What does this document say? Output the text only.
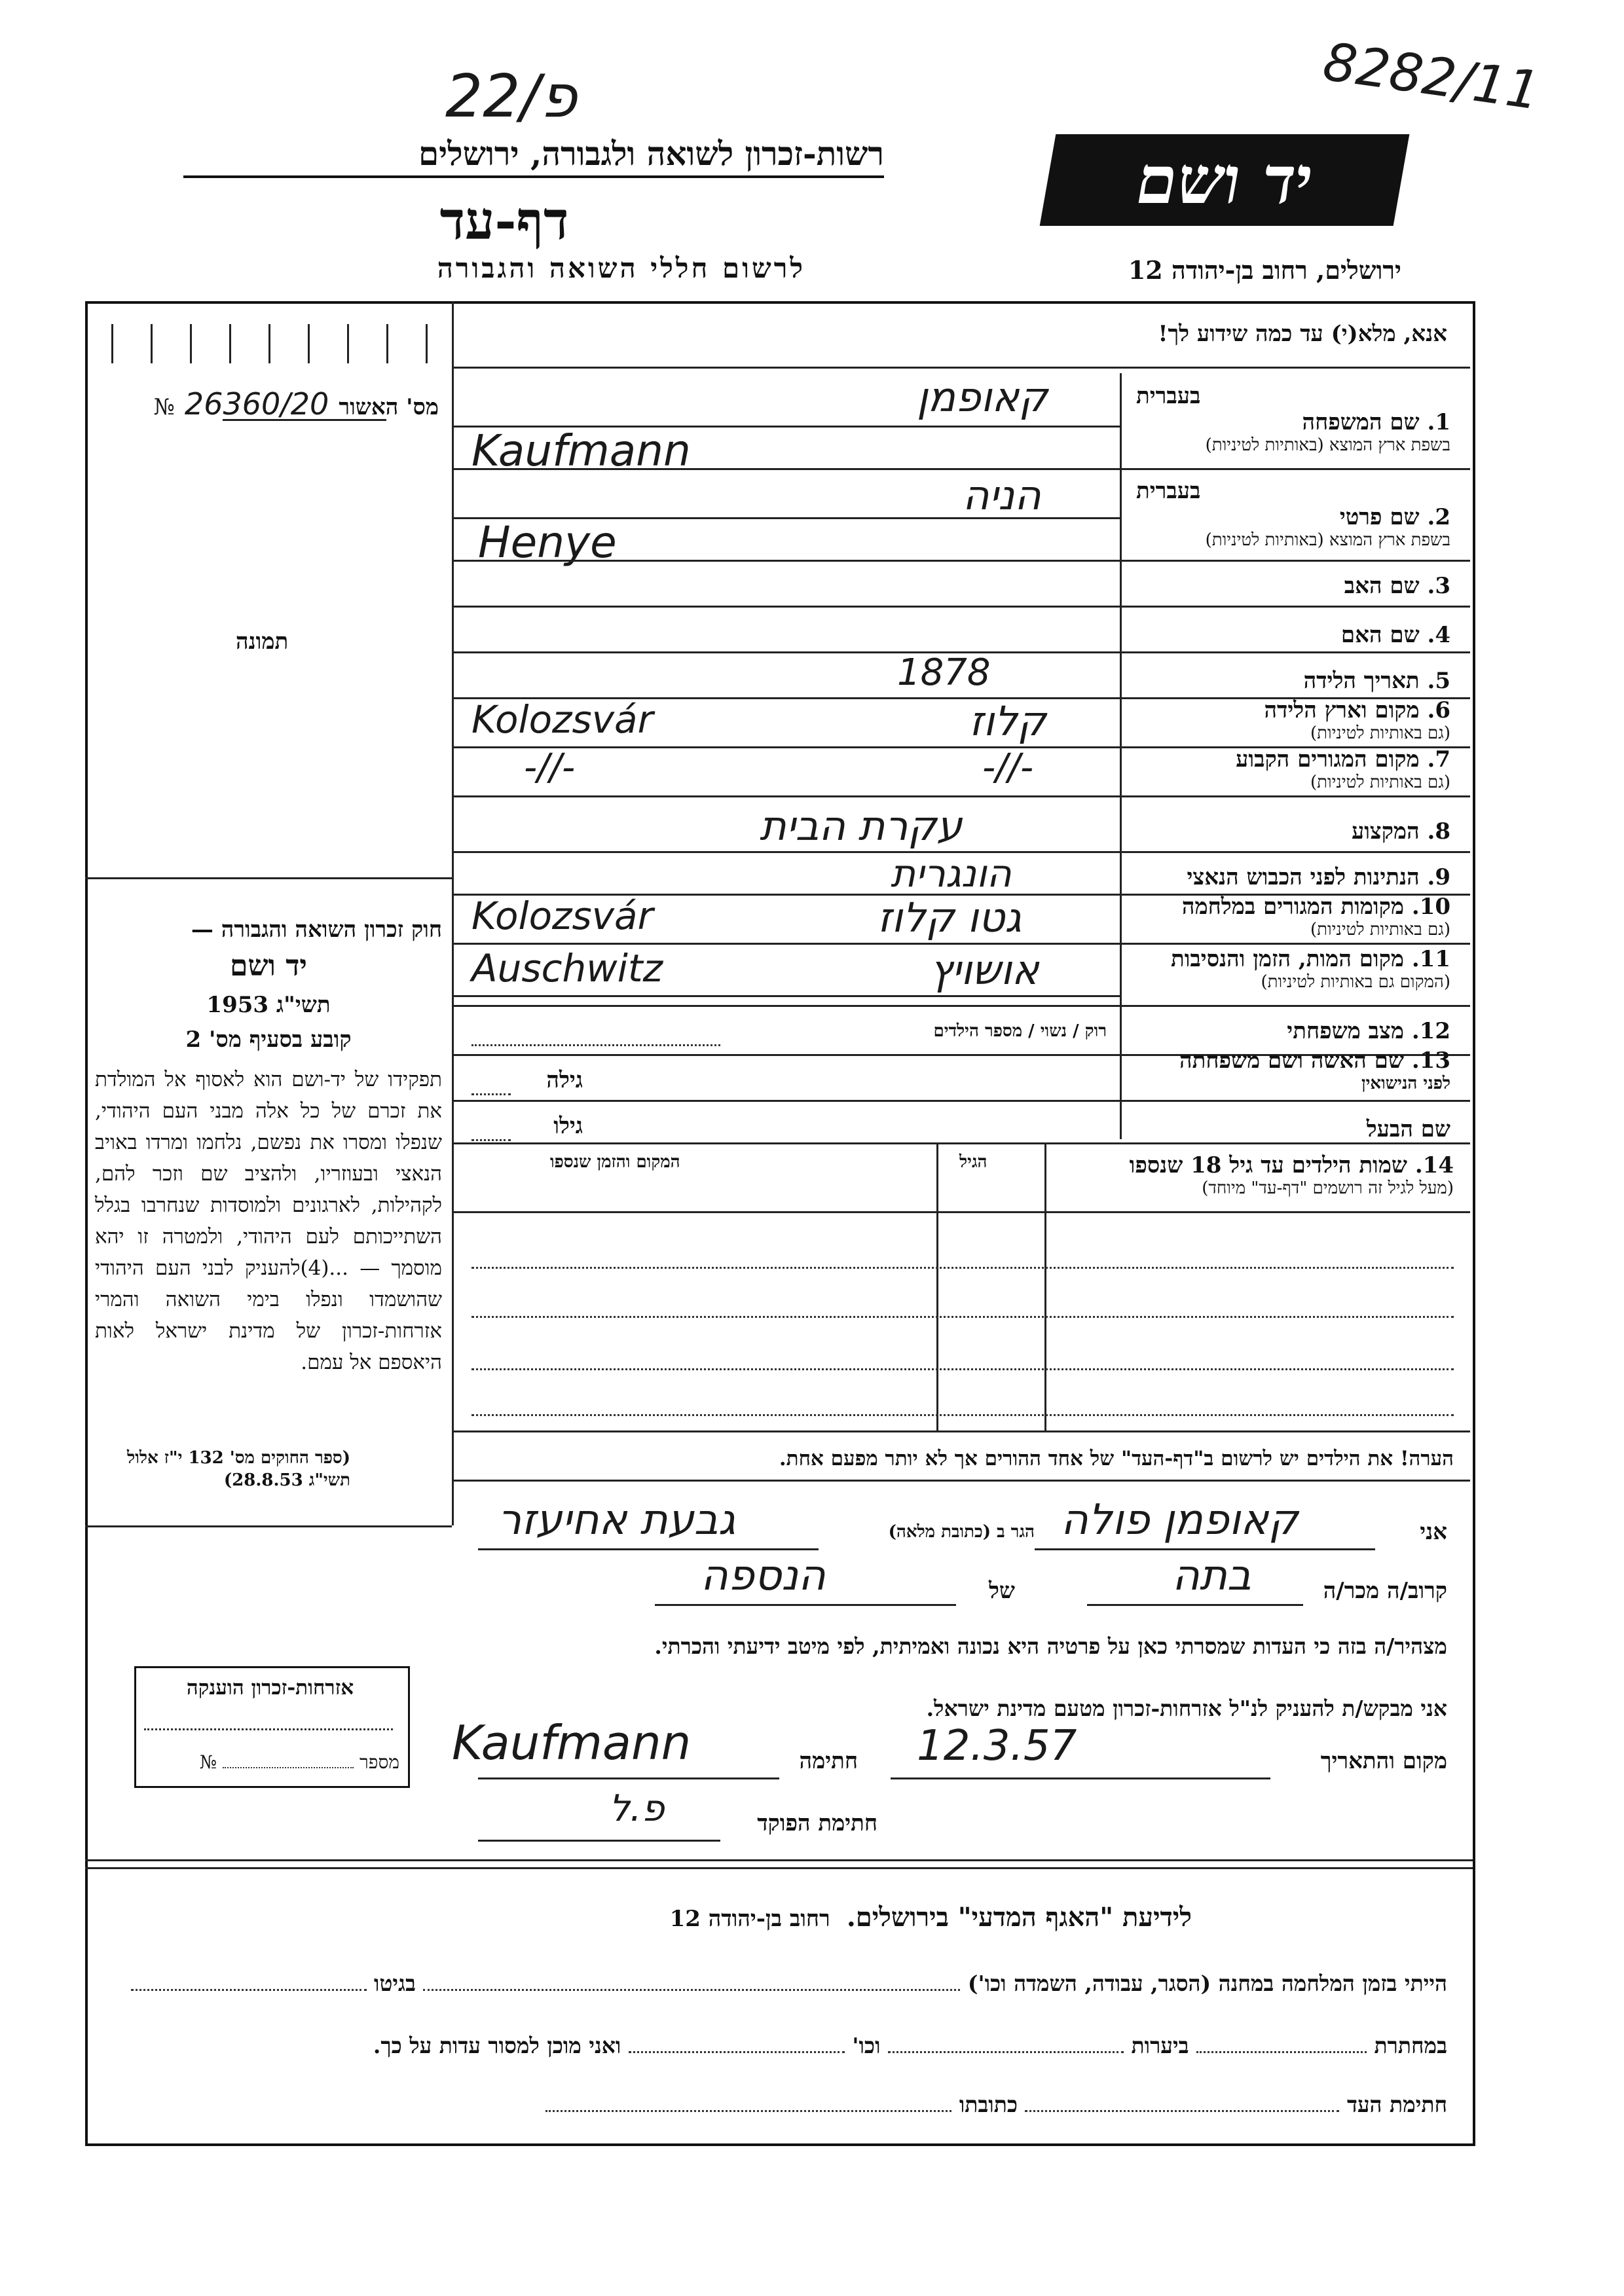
22/פ	8282/11
רשות-זכרון לשואה ולגבורה, ירושלים
דף-עד
לרשום חללי השואה והגבורה
יד ושם
ירושלים, רחוב בן-יהודה 12
אנא, מלא(י) עד כמה שידוע לך!
מס' האשור 26360/20 №
תמונה
חוק זכרון השואה והגבורה —
יד ושם
תשי"ג 1953
קובע בסעיף מס' 2
תפקידו של יד-ושם הוא לאסוף אל המולדת את זכרם של כל אלה מבני העם היהודי, שנפלו ומסרו את נפשם, נלחמו ומרדו באויב הנאצי ובעוזריו, ולהציב שם וזכר להם, לקהילות, לארגונים ולמוסדות שנחרבו בגלל השתייכותם לעם היהודי, ולמטרה זו יהא מוסמך — ...(4)להעניק לבני העם היהודי שהושמדו ונפלו בימי השואה והמרי אזרחות-זכרון של מדינת ישראל לאות היאספם אל עמם.
(ספר החוקים מס' 132 י"ז אלול תשי"ג 28.8.53)
אזרחות-זכרון הוענקה
מספר  №
בעברית
1. שם המשפחה
בשפת ארץ המוצא (באותיות לטיניות)
קאופמן
Kaufmann
בעברית
2. שם פרטי
בשפת ארץ המוצא (באותיות לטיניות)
הניה
Henye
3. שם האב
4. שם האם
1878	5. תאריך הלידה
6. מקום וארץ הלידה
(גם באותיות לטיניות)
Kolozsvár	קלוז
7. מקום המגורים הקבוע
(גם באותיות לטיניות)
-//-	-//-
עקרת הבית	8. המקצוע
הונגרית	9. הנתינות לפני הכבוש הנאצי
10. מקומות המגורים במלחמה
(גם באותיות לטיניות)
Kolozsvár	גטו קלוז
11. מקום המות, הזמן והנסיבות
(המקום גם באותיות לטיניות)
Auschwitz	אושויץ
12. מצב משפחתי
רוק / נשוי / מספר הילדים
13. שם האשה ושם משפחתה
לפני הנישואין
גילה
שם הבעל
גילו
14. שמות הילדים עד גיל 18 שנספו
(מעל לגיל זה רושמים "דף-עד" מיוחד)
הגיל
המקום והזמן שנספו
הערה! את הילדים יש לרשום ב"דף-העד" של אחד ההורים אך לא יותר מפעם אחת.
אני
קאופמן פולה
הגר ב (כתובת מלאה)
גבעת אחיעזר
קרוב/ה מכר/ה
בתה
של
הנספה
מצהיר/ה בזה כי העדות שמסרתי כאן על פרטיה היא נכונה ואמיתית, לפי מיטב ידיעתי והכרתי.
אני מבקש/ת להעניק לנ"ל אזרחות-זכרון מטעם מדינת ישראל.
מקום והתאריך
12.3.57
חתימה
Kaufmann
חתימת הפוקד
פ.ל
לידיעת "האגף המדעי" בירושלים. רחוב בן-יהודה 12
הייתי בזמן המלחמה במחנה (הסגר, עבודה, השמדה וכו')  בגיטו
במחתרת  ביערות  וכו'  ואני מוכן למסור עדות על כך.
חתימת העד  כתובתו
